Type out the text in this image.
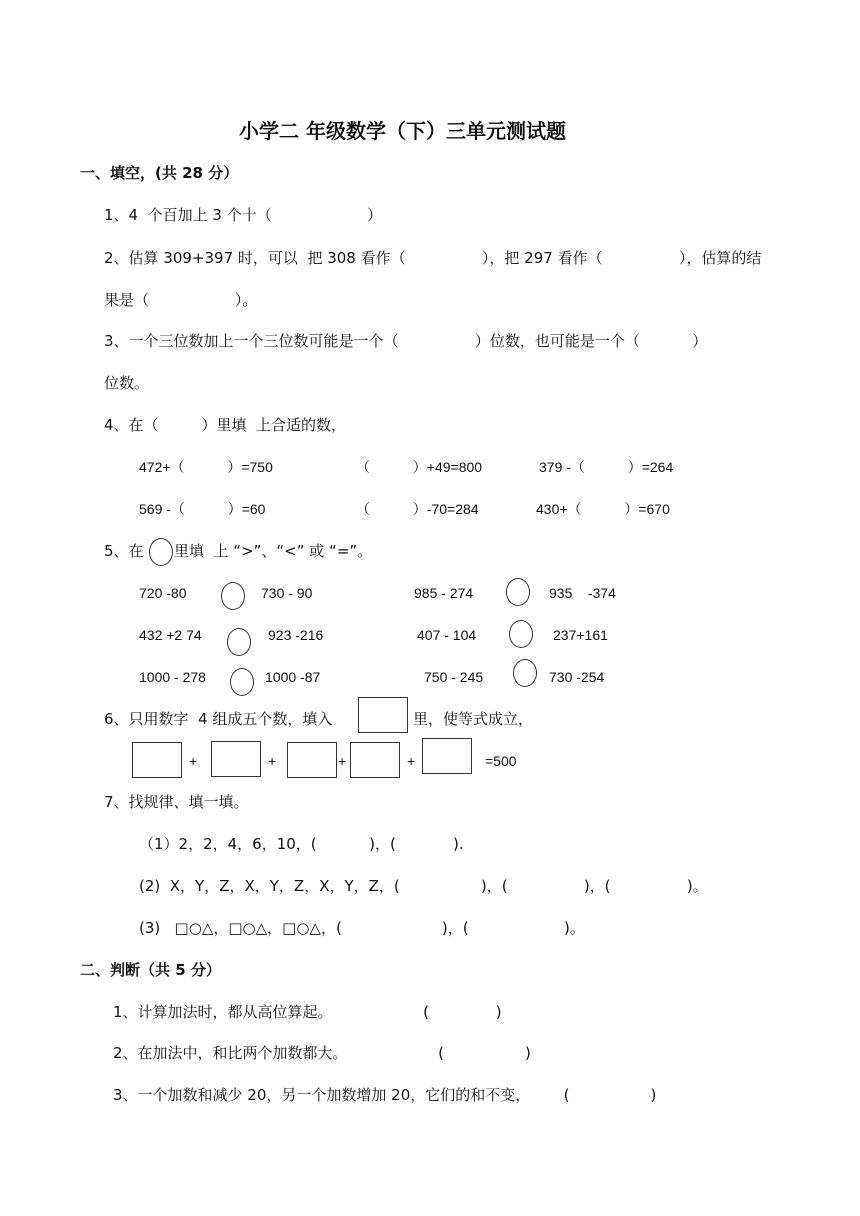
小学二 年级数学（下）三单元测试题
一、填空，(共 28 分）
1、4  个百加上 3 个十（                    ）
2、估算 309+397 时，可以  把 308 看作（                ），把 297 看作（                ），估算的结
果是（                  ）。
3、一个三位数加上一个三位数可能是一个（                ）位数，也可能是一个（           ）
位数。
4、在（         ）里填  上合适的数，
472+（           ）=750	（           ）+49=800	379 -（           ）=264
569 -（           ）=60	（           ）-70=284	430+（           ）=670
5、在 里填  上 “>”、“<” 或 “=”。
720 -80	730 - 90	985 - 274	935    -374
432 +2 74	923 -216	407 - 104	237+161
1000 - 278	1000 -87	750 - 245	730 -254
6、只用数字  4 组成五个数，填入	里，使等式成立，
+	+	+	+	=500
7、找规律、填一填。
（1）2，2，4，6，10，(           )，(            ).
(2)  X，Y，Z，X，Y，Z，X，Y，Z，(                 )，(                )，(                )。
(3)   □○△，□○△，□○△，(                     )，(                    )。
二、判断（共 5 分）
1、计算加法时，都从高位算起。                   (              )
2、在加法中，和比两个加数都大。                   (                 )
3、一个加数和减少 20，另一个加数增加 20，它们的和不变，       (                 )
